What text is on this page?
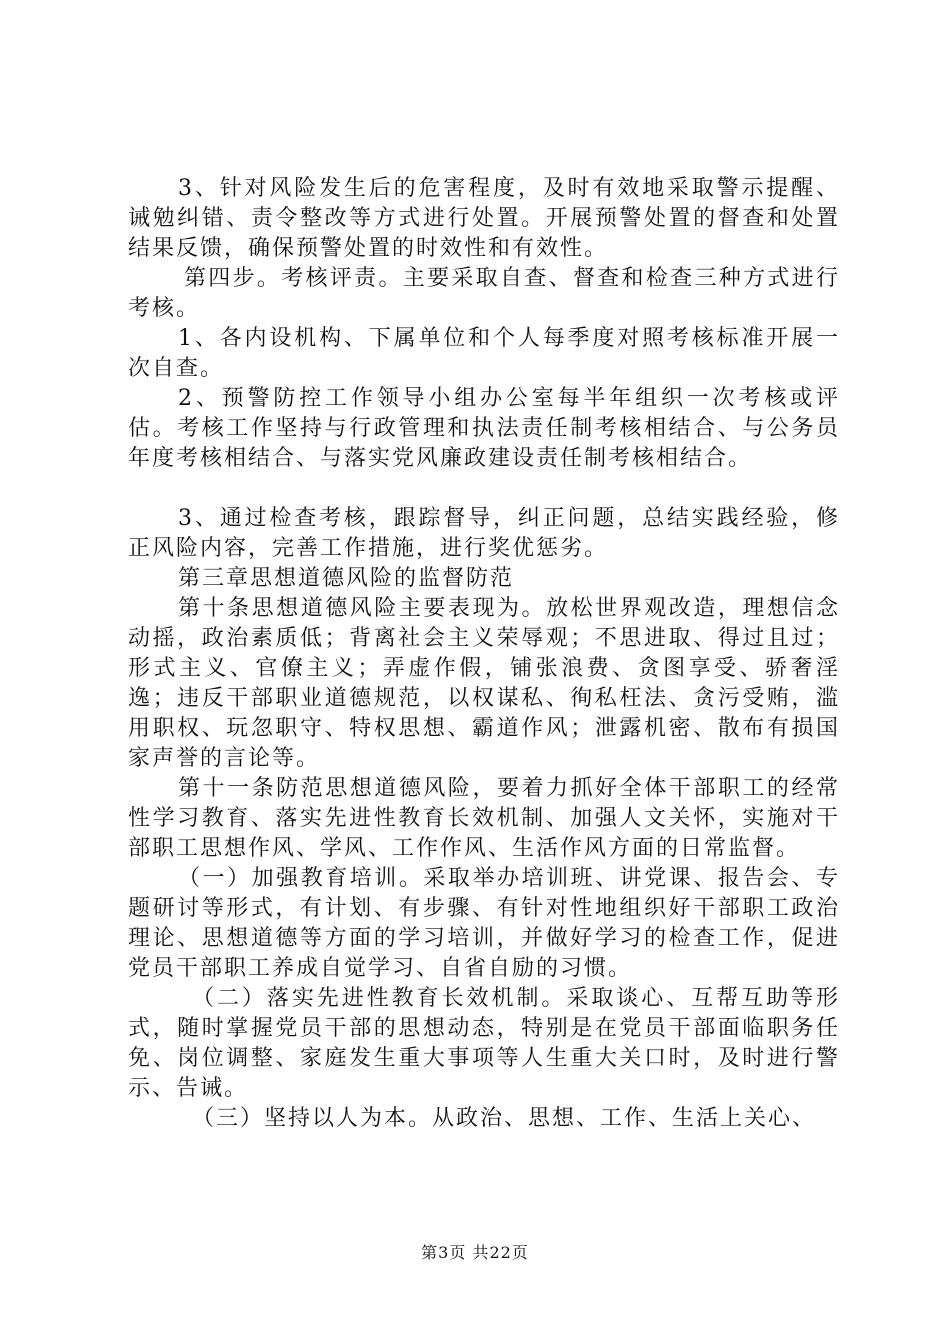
3、针对风险发生后的危害程度，及时有效地采取警示提醒、诫勉纠错、责令整改等方式进行处置。开展预警处置的督查和处置结果反馈，确保预警处置的时效性和有效性。

第四步。考核评责。主要采取自查、督查和检查三种方式进行考核。

1、各内设机构、下属单位和个人每季度对照考核标准开展一次自查。

2、预警防控工作领导小组办公室每半年组织一次考核或评估。考核工作坚持与行政管理和执法责任制考核相结合、与公务员年度考核相结合、与落实党风廉政建设责任制考核相结合。

3、通过检查考核，跟踪督导，纠正问题，总结实践经验，修正风险内容，完善工作措施，进行奖优惩劣。

第三章思想道德风险的监督防范

第十条思想道德风险主要表现为。放松世界观改造，理想信念动摇，政治素质低；背离社会主义荣辱观；不思进取、得过且过；形式主义、官僚主义；弄虚作假，铺张浪费、贪图享受、骄奢淫逸；违反干部职业道德规范，以权谋私、徇私枉法、贪污受贿，滥用职权、玩忽职守、特权思想、霸道作风；泄露机密、散布有损国家声誉的言论等。

第十一条防范思想道德风险，要着力抓好全体干部职工的经常性学习教育、落实先进性教育长效机制、加强人文关怀，实施对干部职工思想作风、学风、工作作风、生活作风方面的日常监督。

（一）加强教育培训。采取举办培训班、讲党课、报告会、专题研讨等形式，有计划、有步骤、有针对性地组织好干部职工政治理论、思想道德等方面的学习培训，并做好学习的检查工作，促进党员干部职工养成自觉学习、自省自励的习惯。

（二）落实先进性教育长效机制。采取谈心、互帮互助等形式，随时掌握党员干部的思想动态，特别是在党员干部面临职务任免、岗位调整、家庭发生重大事项等人生重大关口时，及时进行警示、告诫。

（三）坚持以人为本。从政治、思想、工作、生活上关心、

第3页 共22页
